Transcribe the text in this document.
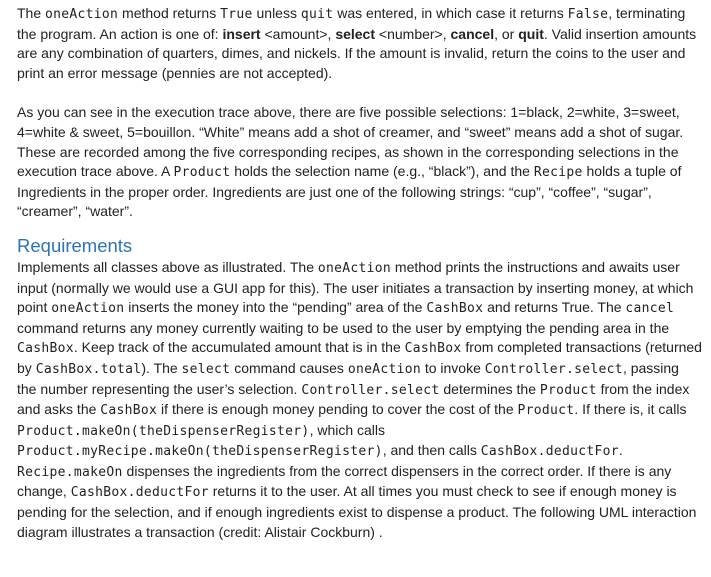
The oneAction method returns True unless quit was entered, in which case it returns False, terminating the program. An action is one of: insert <amount>, select <number>, cancel, or quit. Valid insertion amounts are any combination of quarters, dimes, and nickels. If the amount is invalid, return the coins to the user and print an error message (pennies are not accepted).

As you can see in the execution trace above, there are five possible selections: 1=black, 2=white, 3=sweet, 4=white & sweet, 5=bouillon. “White” means add a shot of creamer, and “sweet” means add a shot of sugar. These are recorded among the five corresponding recipes, as shown in the corresponding selections in the execution trace above. A Product holds the selection name (e.g., “black”), and the Recipe holds a tuple of Ingredients in the proper order. Ingredients are just one of the following strings: “cup”, “coffee”, “sugar”, “creamer”, “water”.

Requirements

Implements all classes above as illustrated. The oneAction method prints the instructions and awaits user input (normally we would use a GUI app for this). The user initiates a transaction by inserting money, at which point oneAction inserts the money into the “pending” area of the CashBox and returns True. The cancel command returns any money currently waiting to be used to the user by emptying the pending area in the CashBox. Keep track of the accumulated amount that is in the CashBox from completed transactions (returned by CashBox.total). The select command causes oneAction to invoke Controller.select, passing the number representing the user’s selection. Controller.select determines the Product from the index and asks the CashBox if there is enough money pending to cover the cost of the Product. If there is, it calls Product.makeOn(theDispenserRegister), which calls Product.myRecipe.makeOn(theDispenserRegister), and then calls CashBox.deductFor. Recipe.makeOn dispenses the ingredients from the correct dispensers in the correct order. If there is any change, CashBox.deductFor returns it to the user. At all times you must check to see if enough money is pending for the selection, and if enough ingredients exist to dispense a product. The following UML interaction diagram illustrates a transaction (credit: Alistair Cockburn) .
